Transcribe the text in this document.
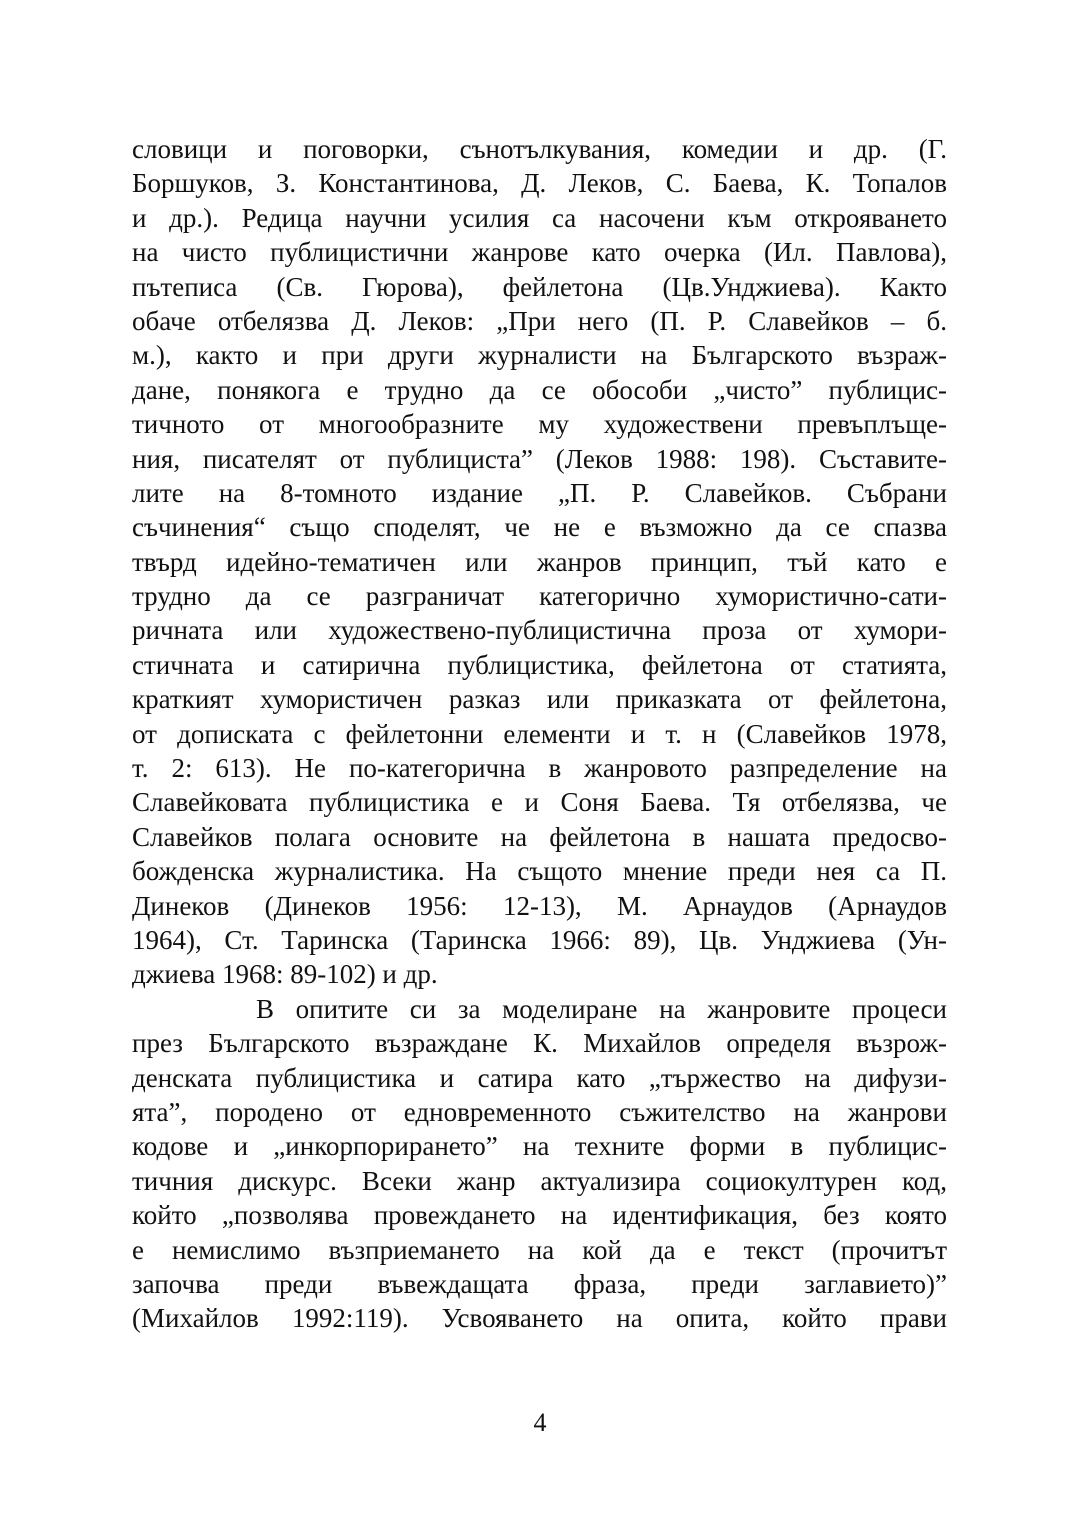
словици и поговорки, сънотълкувания, комедии и др. (Г.
Боршуков, З. Константинова, Д. Леков, С. Баева, К. Топалов
и др.). Редица научни усилия са насочени към открояването
на чисто публицистични жанрове като очерка (Ил. Павлова),
пътеписа (Св. Гюрова), фейлетона (Цв.Унджиева). Както
обаче отбелязва Д. Леков: „При него (П. Р. Славейков – б.
м.), както и при други журналисти на Българското възраж-
дане, понякога е трудно да се обособи „чисто” публицис-
тичното от многообразните му художествени превъплъще-
ния, писателят от публициста” (Леков 1988: 198). Съставите-
лите на 8-томното издание „П. Р. Славейков. Събрани
съчинения“ също споделят, че не е възможно да се спазва
твърд идейно-тематичен или жанров принцип, тъй като е
трудно да се разграничат категорично хумористично-сати-
ричната или художествено-публицистична проза от хумори-
стичната и сатирична публицистика, фейлетона от статията,
краткият хумористичен разказ или приказката от фейлетона,
от дописката с фейлетонни елементи и т. н (Славейков 1978,
т. 2: 613). Не по-категорична в жанровото разпределение на
Славейковата публицистика е и Соня Баева. Тя отбелязва, че
Славейков полага основите на фейлетона в нашата предосво-
божденска журналистика. На същото мнение преди нея са П.
Динеков (Динеков 1956: 12-13), М. Арнаудов (Арнаудов
1964), Ст. Таринска (Таринска 1966: 89), Цв. Унджиева (Ун-
джиева 1968: 89-102) и др.
В опитите си за моделиране на жанровите процеси
през Българското възраждане К. Михайлов определя възрож-
денската публицистика и сатира като „тържество на дифузи-
ята”, породено от едновременното съжителство на жанрови
кодове и „инкорпорирането” на техните форми в публицис-
тичния дискурс. Всеки жанр актуализира социокултурен код,
който „позволява провеждането на идентификация, без която
е немислимо възприемането на кой да е текст (прочитът
започва преди въвеждащата фраза, преди заглавието)”
(Михайлов 1992:119). Усвояването на опита, който прави
4
